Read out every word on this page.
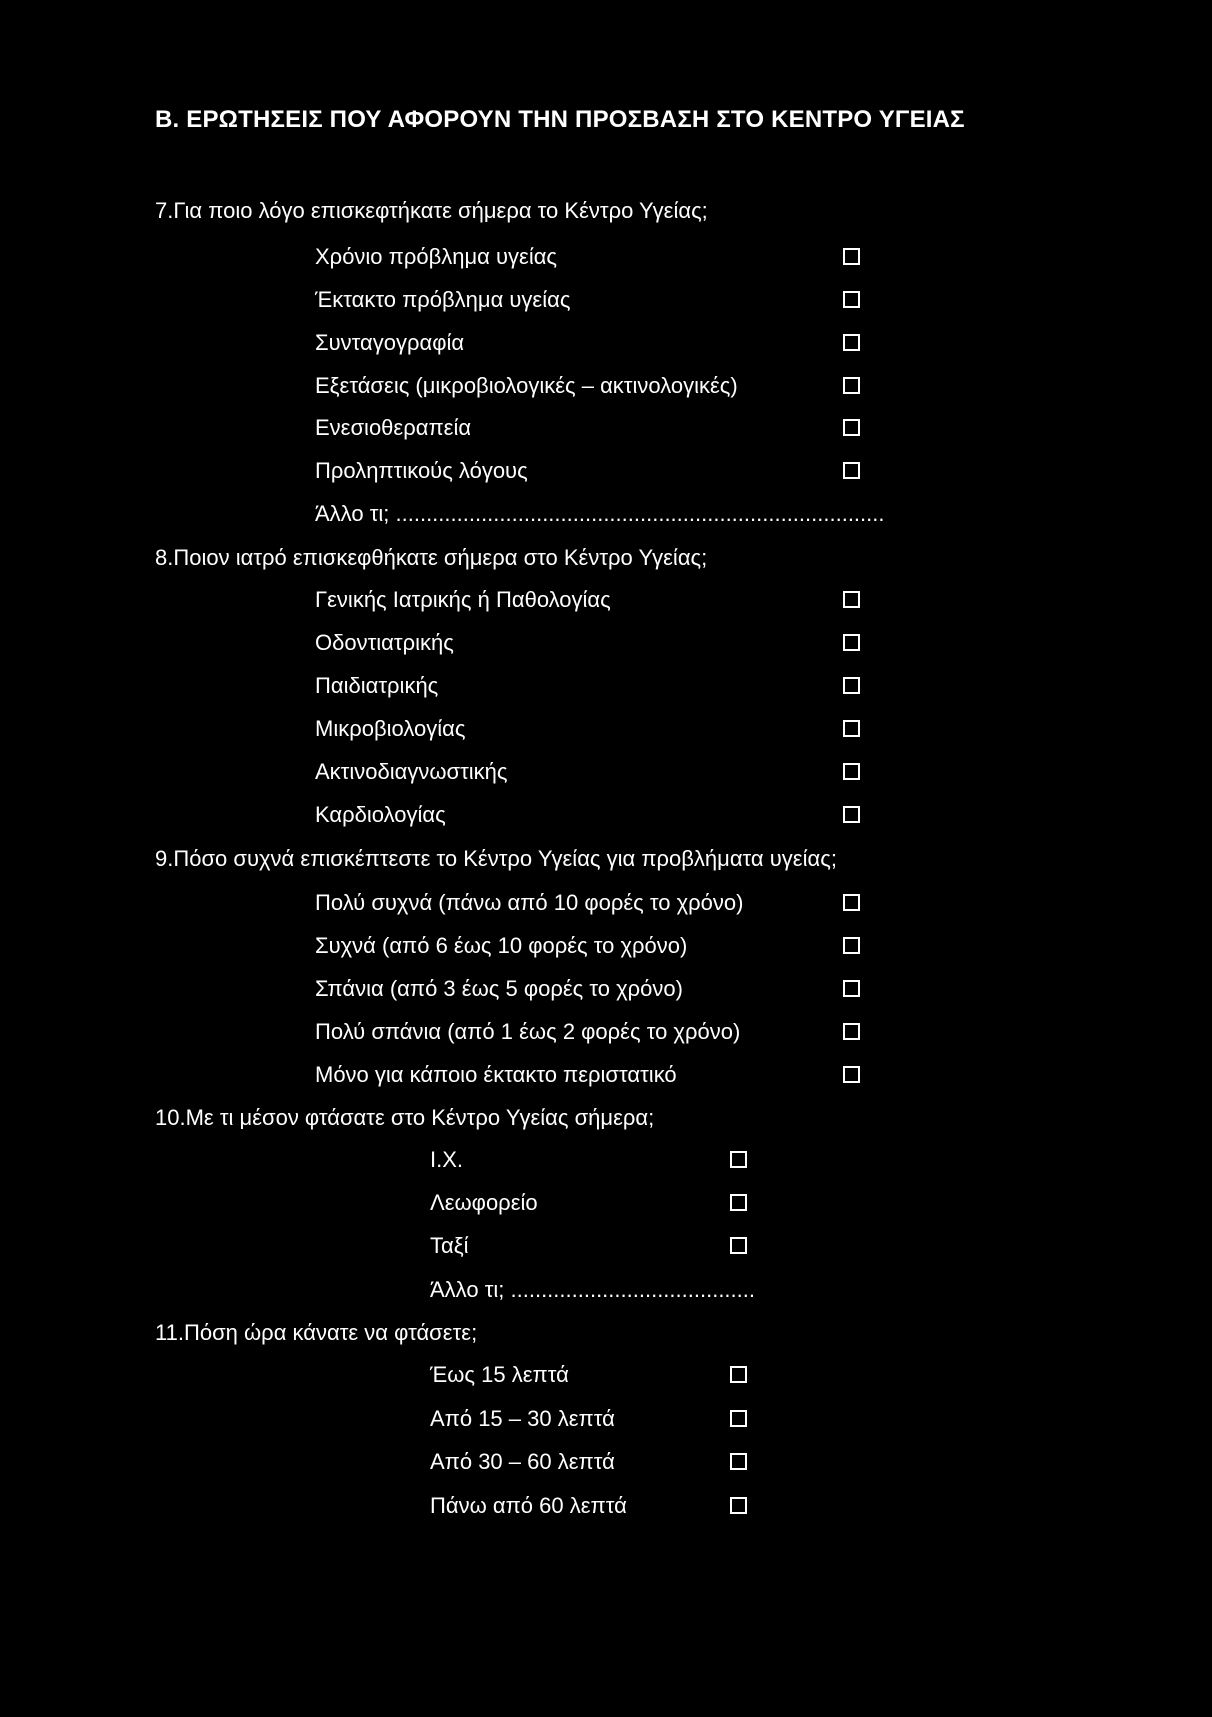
Β. ΕΡΩΤΗΣΕΙΣ ΠΟΥ ΑΦΟΡΟΥΝ ΤΗΝ ΠΡΟΣΒΑΣΗ ΣΤΟ ΚΕΝΤΡΟ ΥΓΕΙΑΣ
7.Για ποιο λόγο επισκεφτήκατε σήμερα το Κέντρο Υγείας;
Χρόνιο πρόβλημα υγείας
Έκτακτο πρόβλημα υγείας
Συνταγογραφία
Εξετάσεις (μικροβιολογικές – ακτινολογικές)
Ενεσιοθεραπεία
Προληπτικούς λόγους
Άλλο τι; ................................................................................
8.Ποιον ιατρό επισκεφθήκατε σήμερα στο Κέντρο Υγείας;
Γενικής Ιατρικής ή Παθολογίας
Οδοντιατρικής
Παιδιατρικής
Μικροβιολογίας
Ακτινοδιαγνωστικής
Καρδιολογίας
9.Πόσο συχνά επισκέπτεστε το Κέντρο Υγείας για προβλήματα υγείας;
Πολύ συχνά (πάνω από 10 φορές το χρόνο)
Συχνά (από 6 έως 10 φορές το χρόνο)
Σπάνια (από 3 έως 5 φορές το χρόνο)
Πολύ σπάνια (από 1 έως 2 φορές το χρόνο)
Μόνο για κάποιο έκτακτο περιστατικό
10.Με τι μέσον φτάσατε στο Κέντρο Υγείας σήμερα;
Ι.Χ.
Λεωφορείο
Ταξί
Άλλο τι; ........................................
11.Πόση ώρα κάνατε να φτάσετε;
Έως 15 λεπτά
Από 15 – 30 λεπτά
Από 30 – 60 λεπτά
Πάνω από 60 λεπτά
